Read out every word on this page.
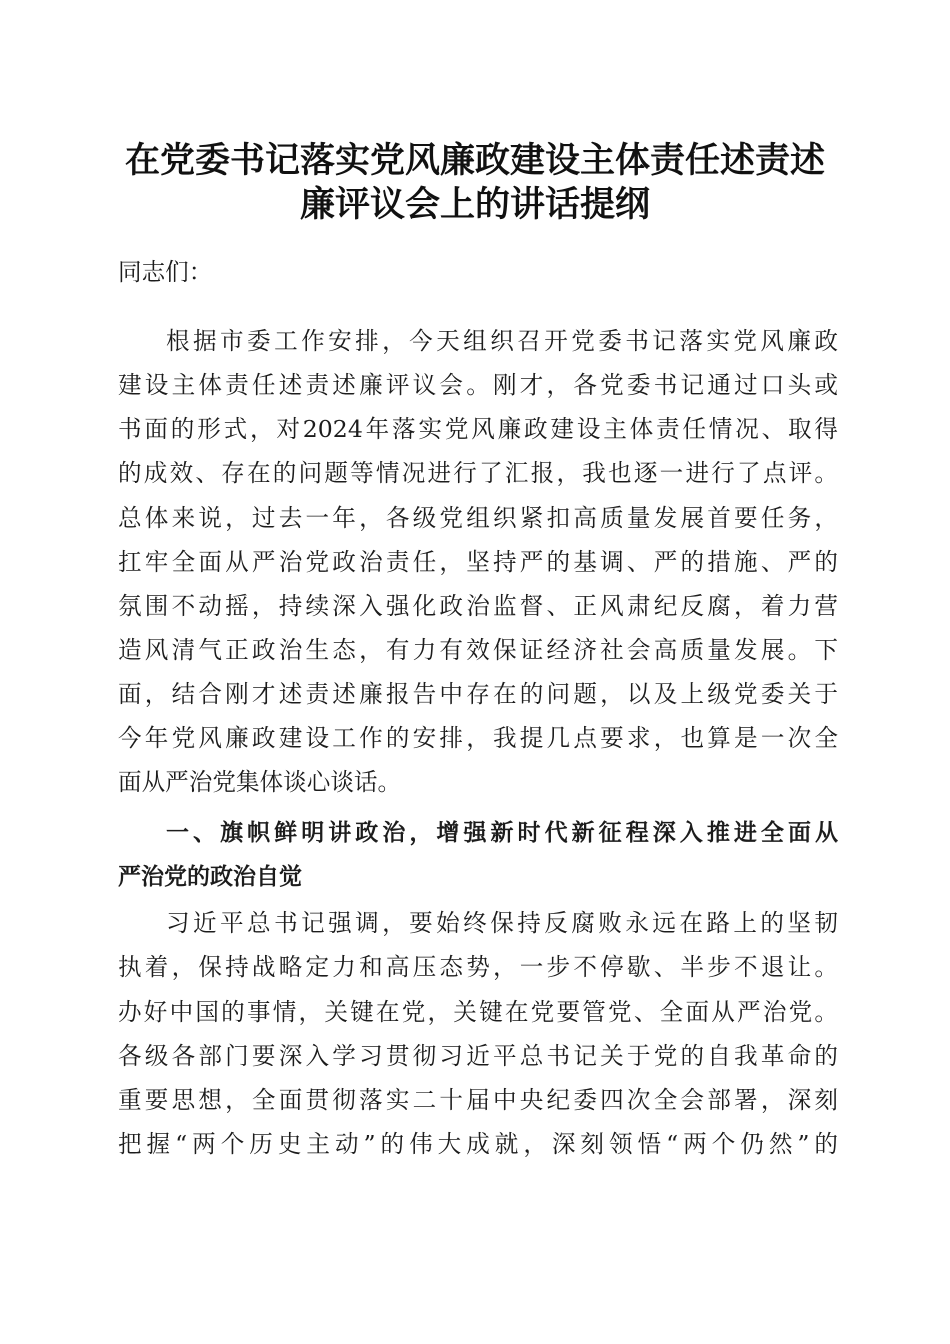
在党委书记落实党风廉政建设主体责任述责述
廉评议会上的讲话提纲
同志们：
根据市委工作安排，今天组织召开党委书记落实党风廉政
建设主体责任述责述廉评议会。刚才，各党委书记通过口头或
书面的形式，对2024年落实党风廉政建设主体责任情况、取得
的成效、存在的问题等情况进行了汇报，我也逐一进行了点评。
总体来说，过去一年，各级党组织紧扣高质量发展首要任务，
扛牢全面从严治党政治责任，坚持严的基调、严的措施、严的
氛围不动摇，持续深入强化政治监督、正风肃纪反腐，着力营
造风清气正政治生态，有力有效保证经济社会高质量发展。下
面，结合刚才述责述廉报告中存在的问题，以及上级党委关于
今年党风廉政建设工作的安排，我提几点要求，也算是一次全
面从严治党集体谈心谈话。
一、旗帜鲜明讲政治，增强新时代新征程深入推进全面从
严治党的政治自觉
习近平总书记强调，要始终保持反腐败永远在路上的坚韧
执着，保持战略定力和高压态势，一步不停歇、半步不退让。
办好中国的事情，关键在党，关键在党要管党、全面从严治党。
各级各部门要深入学习贯彻习近平总书记关于党的自我革命的
重要思想，全面贯彻落实二十届中央纪委四次全会部署，深刻
把握“两个历史主动”的伟大成就，深刻领悟“两个仍然”的
